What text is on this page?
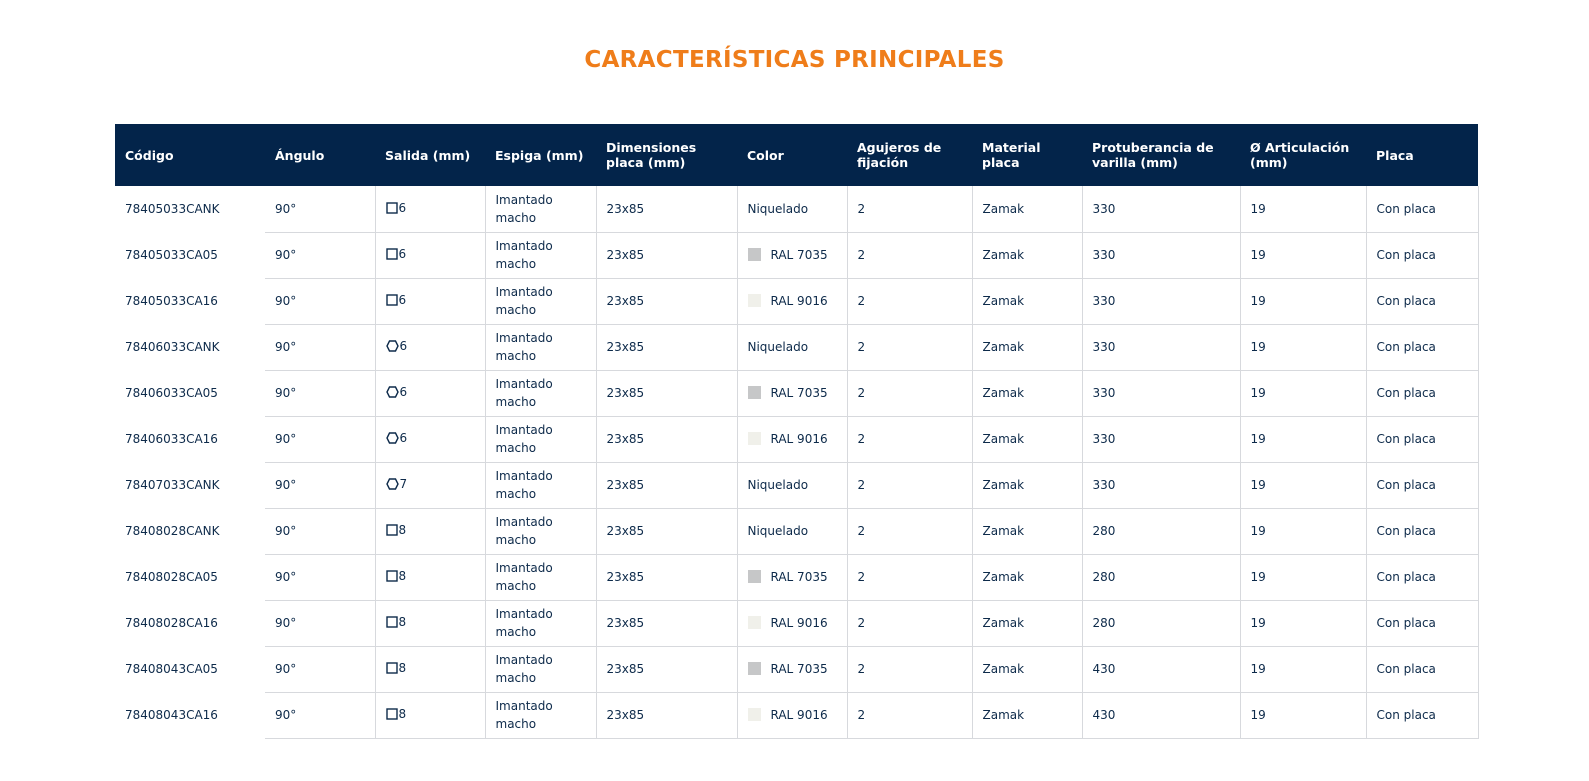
CARACTERÍSTICAS PRINCIPALES
Código	Ángulo	Salida (mm)	Espiga (mm)	Dimensiones placa (mm)	Color	Agujeros de fijación	Material placa	Protuberancia de varilla (mm)	Ø Articulación (mm)	Placa
78405033CANK	90°	6	Imantado macho	23x85	Niquelado	2	Zamak	330	19	Con placa
78405033CA05	90°	6	Imantado macho	23x85	RAL 7035	2	Zamak	330	19	Con placa
78405033CA16	90°	6	Imantado macho	23x85	RAL 9016	2	Zamak	330	19	Con placa
78406033CANK	90°	6	Imantado macho	23x85	Niquelado	2	Zamak	330	19	Con placa
78406033CA05	90°	6	Imantado macho	23x85	RAL 7035	2	Zamak	330	19	Con placa
78406033CA16	90°	6	Imantado macho	23x85	RAL 9016	2	Zamak	330	19	Con placa
78407033CANK	90°	7	Imantado macho	23x85	Niquelado	2	Zamak	330	19	Con placa
78408028CANK	90°	8	Imantado macho	23x85	Niquelado	2	Zamak	280	19	Con placa
78408028CA05	90°	8	Imantado macho	23x85	RAL 7035	2	Zamak	280	19	Con placa
78408028CA16	90°	8	Imantado macho	23x85	RAL 9016	2	Zamak	280	19	Con placa
78408043CA05	90°	8	Imantado macho	23x85	RAL 7035	2	Zamak	430	19	Con placa
78408043CA16	90°	8	Imantado macho	23x85	RAL 9016	2	Zamak	430	19	Con placa
